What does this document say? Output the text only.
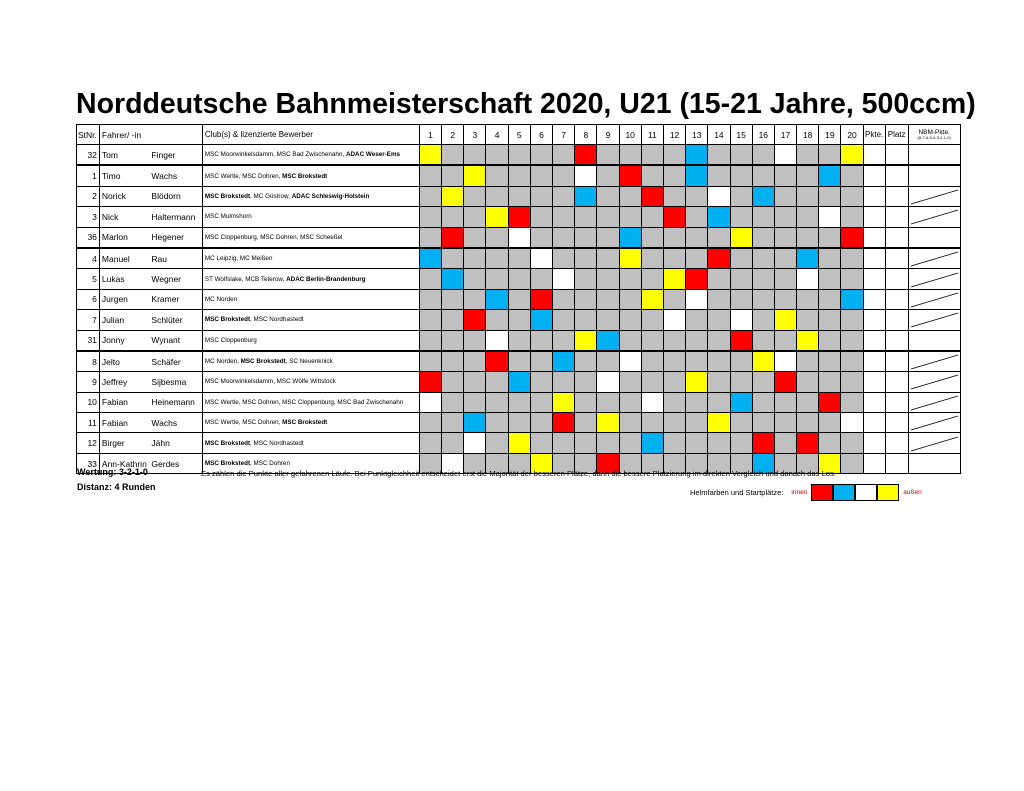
Norddeutsche Bahnmeisterschaft 2020, U21 (15-21 Jahre, 500ccm)
StNr.	Fahrer/ -in		Club(s) & lizenzierte Bewerber	1	2	3	4	5	6	7	8	9	10	11	12	13	14	15	16	17	18	19	20	Pkte.	Platz	NBM-Pkte.
(8-7-6-5-4-3-2-1-0)

32	Tom	Finger	MSC Moorwinkelsdamm, MSC Bad Zwischenahn, ADAC Weser-Ems																							
1	Timo	Wachs	MSC Wertle, MSC Dohren, MSC Brokstedt																							
2	Norick	Blödorn	MSC Brokstedt, MC Güstrow, ADAC Schleswig-Holstein																							

3	Nick	Haltermann	MSC Mulmshorn																							

36	Marlon	Hegener	MSC Cloppenburg, MSC Dohren, MSC Scheeßel																							
4	Manuel	Rau	MC Leipzig, MC Meißen																							

5	Lukas	Wegner	ST Wolfslake, MCB Teterow, ADAC Berlin-Brandenburg																							

6	Jurgen	Kramer	MC Norden																							

7	Julian	Schlüter	MSC Brokstedt, MSC Nordhastedt																							

31	Jonny	Wynant	MSC Cloppenburg																							
8	Jelto	Schäfer	MC Norden, MSC Brokstedt, SC Neuenknick																							

9	Jeffrey	Sijbesma	MSC Moorwinkelsdamm, MSC Wölfe Wittstock																							

10	Fabian	Heinemann	MSC Wertle, MSC Dohren, MSC Cloppenburg, MSC Bad Zwischenahn																							

11	Fabian	Wachs	MSC Wertle, MSC Dohren, MSC Brokstedt																							

12	Birger	Jähn	MSC Brokstedt, MSC Nordhastedt																							

33	Ann-Kathrin	Gerdes	MSC Brokstedt, MSC Dohren																							
Wertung: 3-2-1-0
Distanz: 4 Runden
Es zählen die Punkte aller gefahrenen Läufe. Bei Punktgleichheit entscheidet erst die Majorität der besseren Plätze, dann die bessere Platzierung im direkten Vergleich und danach das Los.
Helmfarben und Startplätze: innen	außen
